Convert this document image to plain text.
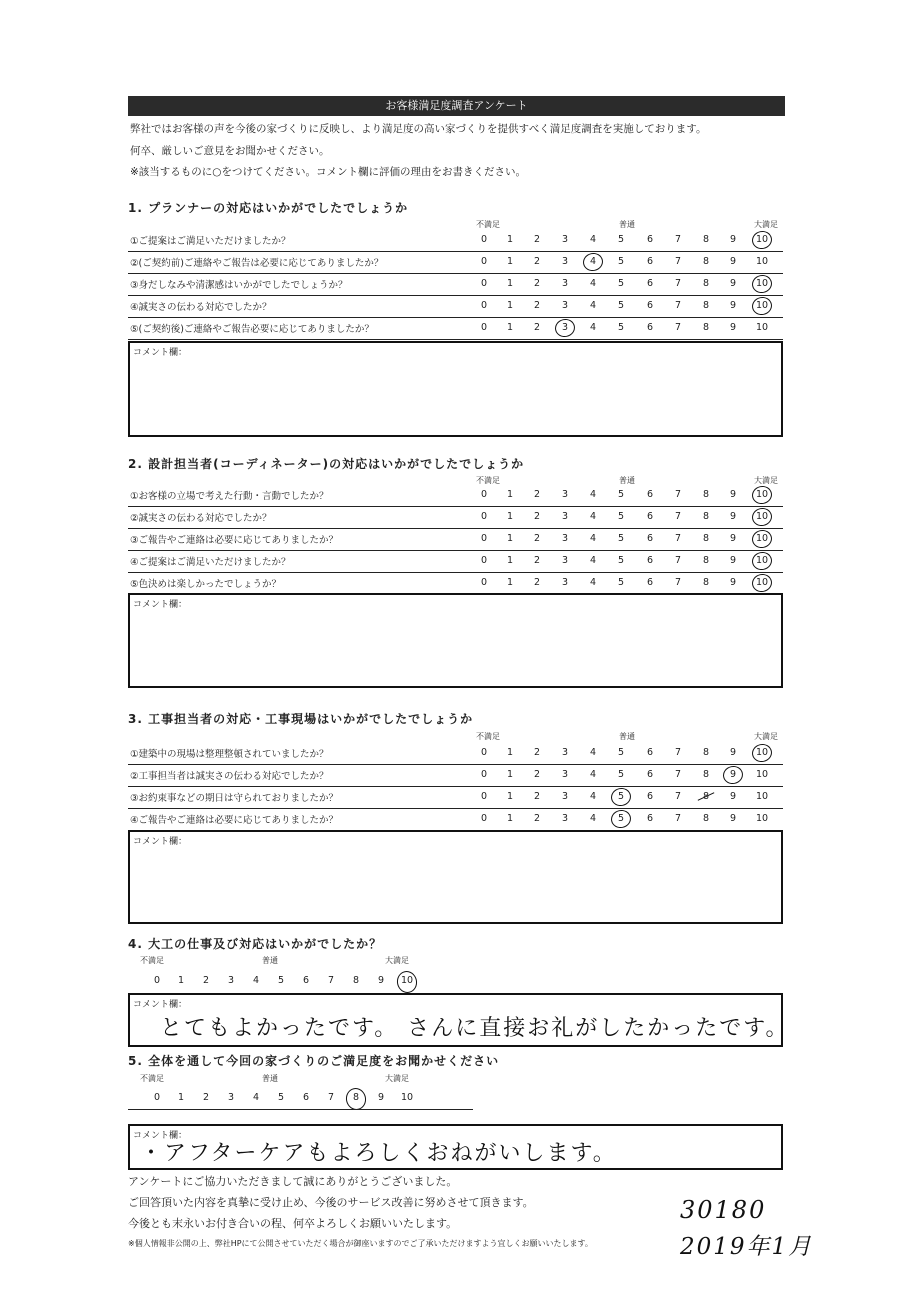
お客様満足度調査アンケート
弊社ではお客様の声を今後の家づくりに反映し、より満足度の高い家づくりを提供すべく満足度調査を実施しております。
何卒、厳しいご意見をお聞かせください。
※該当するものに○をつけてください。コメント欄に評価の理由をお書きください。
1. プランナーの対応はいかがでしたでしょうか
不満足	普通	大満足
①ご提案はご満足いただけましたか？	0	1	2	3	4	5	6	7	8	9	10
②(ご契約前)ご連絡やご報告は必要に応じてありましたか？	0	1	2	3	4	5	6	7	8	9	10
③身だしなみや清潔感はいかがでしたでしょうか？	0	1	2	3	4	5	6	7	8	9	10
④誠実さの伝わる対応でしたか？	0	1	2	3	4	5	6	7	8	9	10
⑤(ご契約後)ご連絡やご報告必要に応じてありましたか？	0	1	2	3	4	5	6	7	8	9	10
コメント欄：
2. 設計担当者(コーディネーター)の対応はいかがでしたでしょうか
不満足	普通	大満足
①お客様の立場で考えた行動・言動でしたか？	0	1	2	3	4	5	6	7	8	9	10
②誠実さの伝わる対応でしたか？	0	1	2	3	4	5	6	7	8	9	10
③ご報告やご連絡は必要に応じてありましたか？	0	1	2	3	4	5	6	7	8	9	10
④ご提案はご満足いただけましたか？	0	1	2	3	4	5	6	7	8	9	10
⑤色決めは楽しかったでしょうか？	0	1	2	3	4	5	6	7	8	9	10
コメント欄：
3. 工事担当者の対応・工事現場はいかがでしたでしょうか
不満足	普通	大満足
①建築中の現場は整理整頓されていましたか？	0	1	2	3	4	5	6	7	8	9	10
②工事担当者は誠実さの伝わる対応でしたか？	0	1	2	3	4	5	6	7	8	9	10
③お約束事などの期日は守られておりましたか？	0	1	2	3	4	5	6	7	8	9	10
④ご報告やご連絡は必要に応じてありましたか？	0	1	2	3	4	5	6	7	8	9	10
コメント欄：
4. 大工の仕事及び対応はいかがでしたか？
不満足	普通	大満足
0	1	2	3	4	5	6	7	8	9	10
コメント欄：
とてもよかったです。 さんに直接お礼がしたかったです。
5. 全体を通して今回の家づくりのご満足度をお聞かせください
不満足	普通	大満足
0	1	2	3	4	5	6	7	8	9	10
コメント欄：
・アフターケアもよろしくおねがいします。
アンケートにご協力いただきまして誠にありがとうございました。
ご回答頂いた内容を真摯に受け止め、今後のサービス改善に努めさせて頂きます。
今後とも末永いお付き合いの程、何卒よろしくお願いいたします。
※個人情報非公開の上、弊社HPにて公開させていただく場合が御座いますのでご了承いただけますよう宜しくお願いいたします。
30180
2019年1月
